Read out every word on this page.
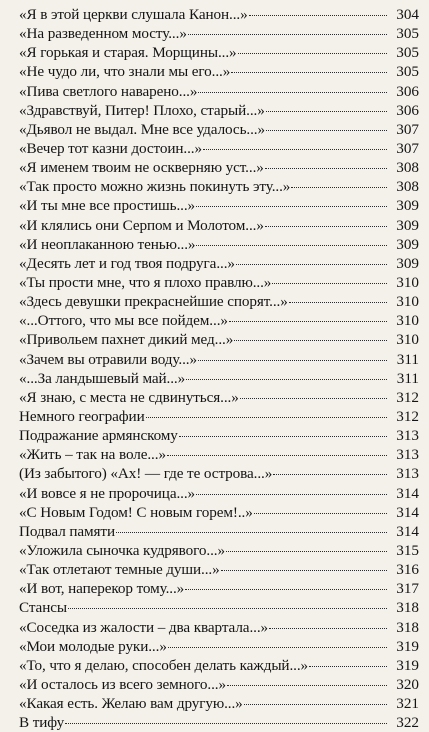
«Я в этой церкви слушала Канон...»	304
«На разведенном мосту...»	305
«Я горькая и старая. Морщины...»	305
«Не чудо ли, что знали мы его...»	305
«Пива светлого наварено...»	306
«Здравствуй, Питер! Плохо, старый...»	306
«Дьявол не выдал. Мне все удалось...»	307
«Вечер тот казни достоин...»	307
«Я именем твоим не оскверняю уст...»	308
«Так просто можно жизнь покинуть эту...»	308
«И ты мне все простишь...»	309
«И клялись они Серпом и Молотом...»	309
«И неоплаканною тенью...»	309
«Десять лет и год твоя подруга...»	309
«Ты прости мне, что я плохо правлю...»	310
«Здесь девушки прекраснейшие спорят...»	310
«...Оттого, что мы все пойдем...»	310
«Привольем пахнет дикий мед...»	310
«Зачем вы отравили воду...»	311
«...За ландышевый май...»	311
«Я знаю, с места не сдвинуться...»	312
Немного географии	312
Подражание армянскому	313
«Жить – так на воле...»	313
(Из забытого) «Ах! — где те острова...»	313
«И вовсе я не пророчица...»	314
«С Новым Годом! С новым горем!..»	314
Подвал памяти	314
«Уложила сыночка кудрявого...»	315
«Так отлетают темные души...»	316
«И вот, наперекор тому...»	317
Стансы	318
«Соседка из жалости – два квартала...»	318
«Мои молодые руки...»	319
«То, что я делаю, способен делать каждый...»	319
«И осталось из всего земного...»	320
«Какая есть. Желаю вам другую...»	321
В тифу	322
